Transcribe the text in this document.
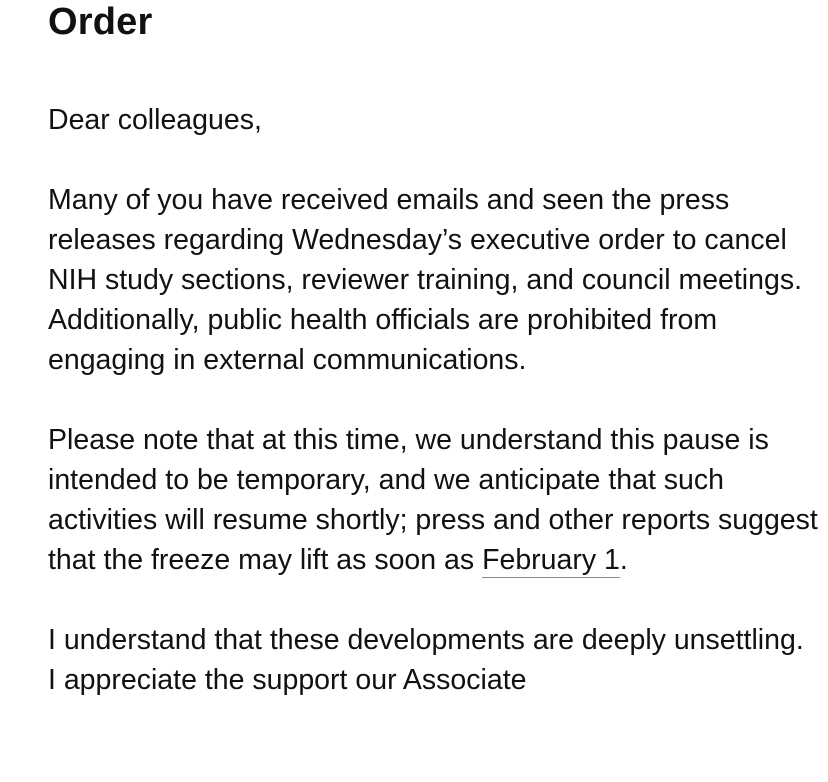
Order

Dear colleagues,

Many of you have received emails and seen the press releases regarding Wednesday’s executive order to cancel NIH study sections, reviewer training, and council meetings. Additionally, public health officials are prohibited from engaging in external communications.

Please note that at this time, we understand this pause is intended to be temporary, and we anticipate that such activities will resume shortly; press and other reports suggest that the freeze may lift as soon as February 1.

I understand that these developments are deeply unsettling. I appreciate the support our Associate
